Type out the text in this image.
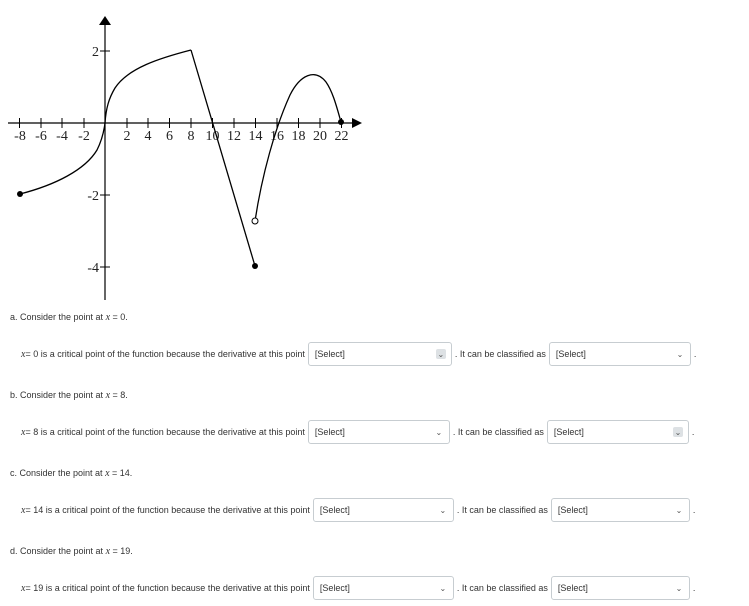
-8 -6 -4 -2 2 4 6 8 10 12 14 16 18 20 22
2
-2
-4
a. Consider the point at x = 0.
x = 0 is a critical point of the function because the derivative at this point [Select]	⌄ . It can be classified as [Select]	⌄ .
b. Consider the point at x = 8.
x = 8 is a critical point of the function because the derivative at this point [Select]	⌄ . It can be classified as [Select]	⌄ .
c. Consider the point at x = 14.
x = 14 is a critical point of the function because the derivative at this point [Select]	⌄ . It can be classified as [Select]	⌄ .
d. Consider the point at x = 19.
x = 19 is a critical point of the function because the derivative at this point [Select]	⌄ . It can be classified as [Select]	⌄ .
